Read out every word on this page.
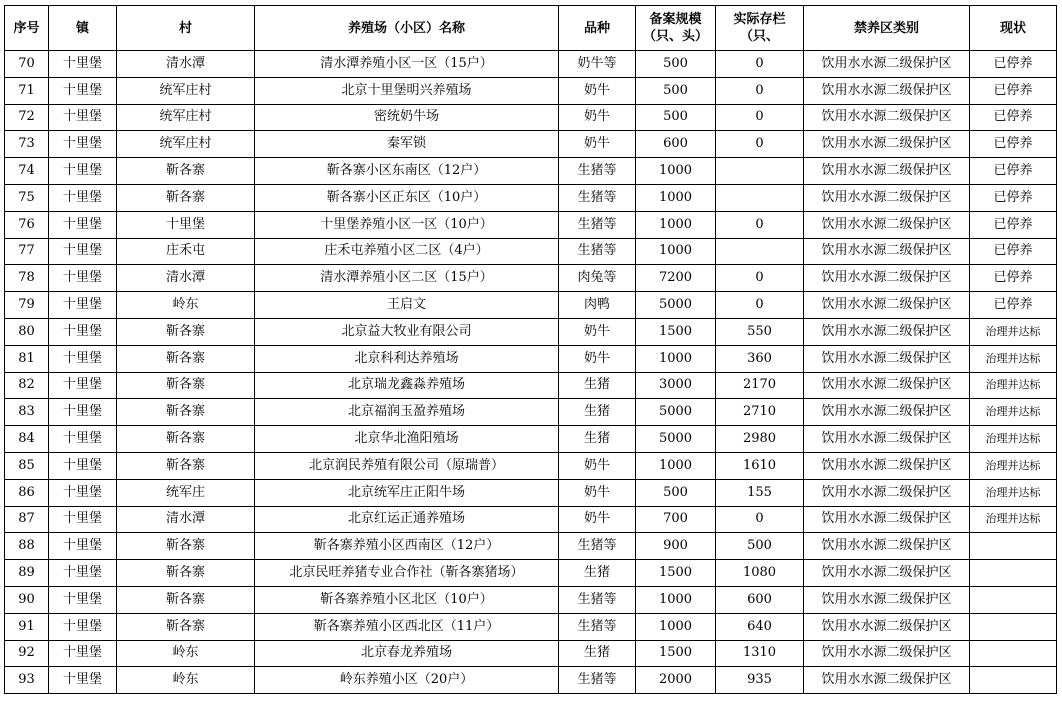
序号	镇	村	养殖场（小区）名称	品种	备案规模（只、头）	实际存栏（只、	禁养区类别	现状
70	十里堡	清水潭	清水潭养殖小区一区（15户）	奶牛等	500	0	饮用水水源二级保护区	已停养
71	十里堡	统军庄村	北京十里堡明兴养殖场	奶牛	500	0	饮用水水源二级保护区	已停养
72	十里堡	统军庄村	密统奶牛场	奶牛	500	0	饮用水水源二级保护区	已停养
73	十里堡	统军庄村	秦军锁	奶牛	600	0	饮用水水源二级保护区	已停养
74	十里堡	靳各寨	靳各寨小区东南区（12户）	生猪等	1000		饮用水水源二级保护区	已停养
75	十里堡	靳各寨	靳各寨小区正东区（10户）	生猪等	1000		饮用水水源二级保护区	已停养
76	十里堡	十里堡	十里堡养殖小区一区（10户）	生猪等	1000	0	饮用水水源二级保护区	已停养
77	十里堡	庄禾屯	庄禾屯养殖小区二区（4户）	生猪等	1000		饮用水水源二级保护区	已停养
78	十里堡	清水潭	清水潭养殖小区二区（15户）	肉兔等	7200	0	饮用水水源二级保护区	已停养
79	十里堡	岭东	王启文	肉鸭	5000	0	饮用水水源二级保护区	已停养
80	十里堡	靳各寨	北京益大牧业有限公司	奶牛	1500	550	饮用水水源二级保护区	治理并达标
81	十里堡	靳各寨	北京科利达养殖场	奶牛	1000	360	饮用水水源二级保护区	治理并达标
82	十里堡	靳各寨	北京瑞龙鑫淼养殖场	生猪	3000	2170	饮用水水源二级保护区	治理并达标
83	十里堡	靳各寨	北京福润玉盈养殖场	生猪	5000	2710	饮用水水源二级保护区	治理并达标
84	十里堡	靳各寨	北京华北渔阳殖场	生猪	5000	2980	饮用水水源二级保护区	治理并达标
85	十里堡	靳各寨	北京润民养殖有限公司（原瑞普）	奶牛	1000	1610	饮用水水源二级保护区	治理并达标
86	十里堡	统军庄	北京统军庄正阳牛场	奶牛	500	155	饮用水水源二级保护区	治理并达标
87	十里堡	清水潭	北京红运正通养殖场	奶牛	700	0	饮用水水源二级保护区	治理并达标
88	十里堡	靳各寨	靳各寨养殖小区西南区（12户）	生猪等	900	500	饮用水水源二级保护区	
89	十里堡	靳各寨	北京民旺养猪专业合作社（靳各寨猪场）	生猪	1500	1080	饮用水水源二级保护区	
90	十里堡	靳各寨	靳各寨养殖小区北区（10户）	生猪等	1000	600	饮用水水源二级保护区	
91	十里堡	靳各寨	靳各寨养殖小区西北区（11户）	生猪等	1000	640	饮用水水源二级保护区	
92	十里堡	岭东	北京春龙养殖场	生猪	1500	1310	饮用水水源二级保护区	
93	十里堡	岭东	岭东养殖小区（20户）	生猪等	2000	935	饮用水水源二级保护区	
